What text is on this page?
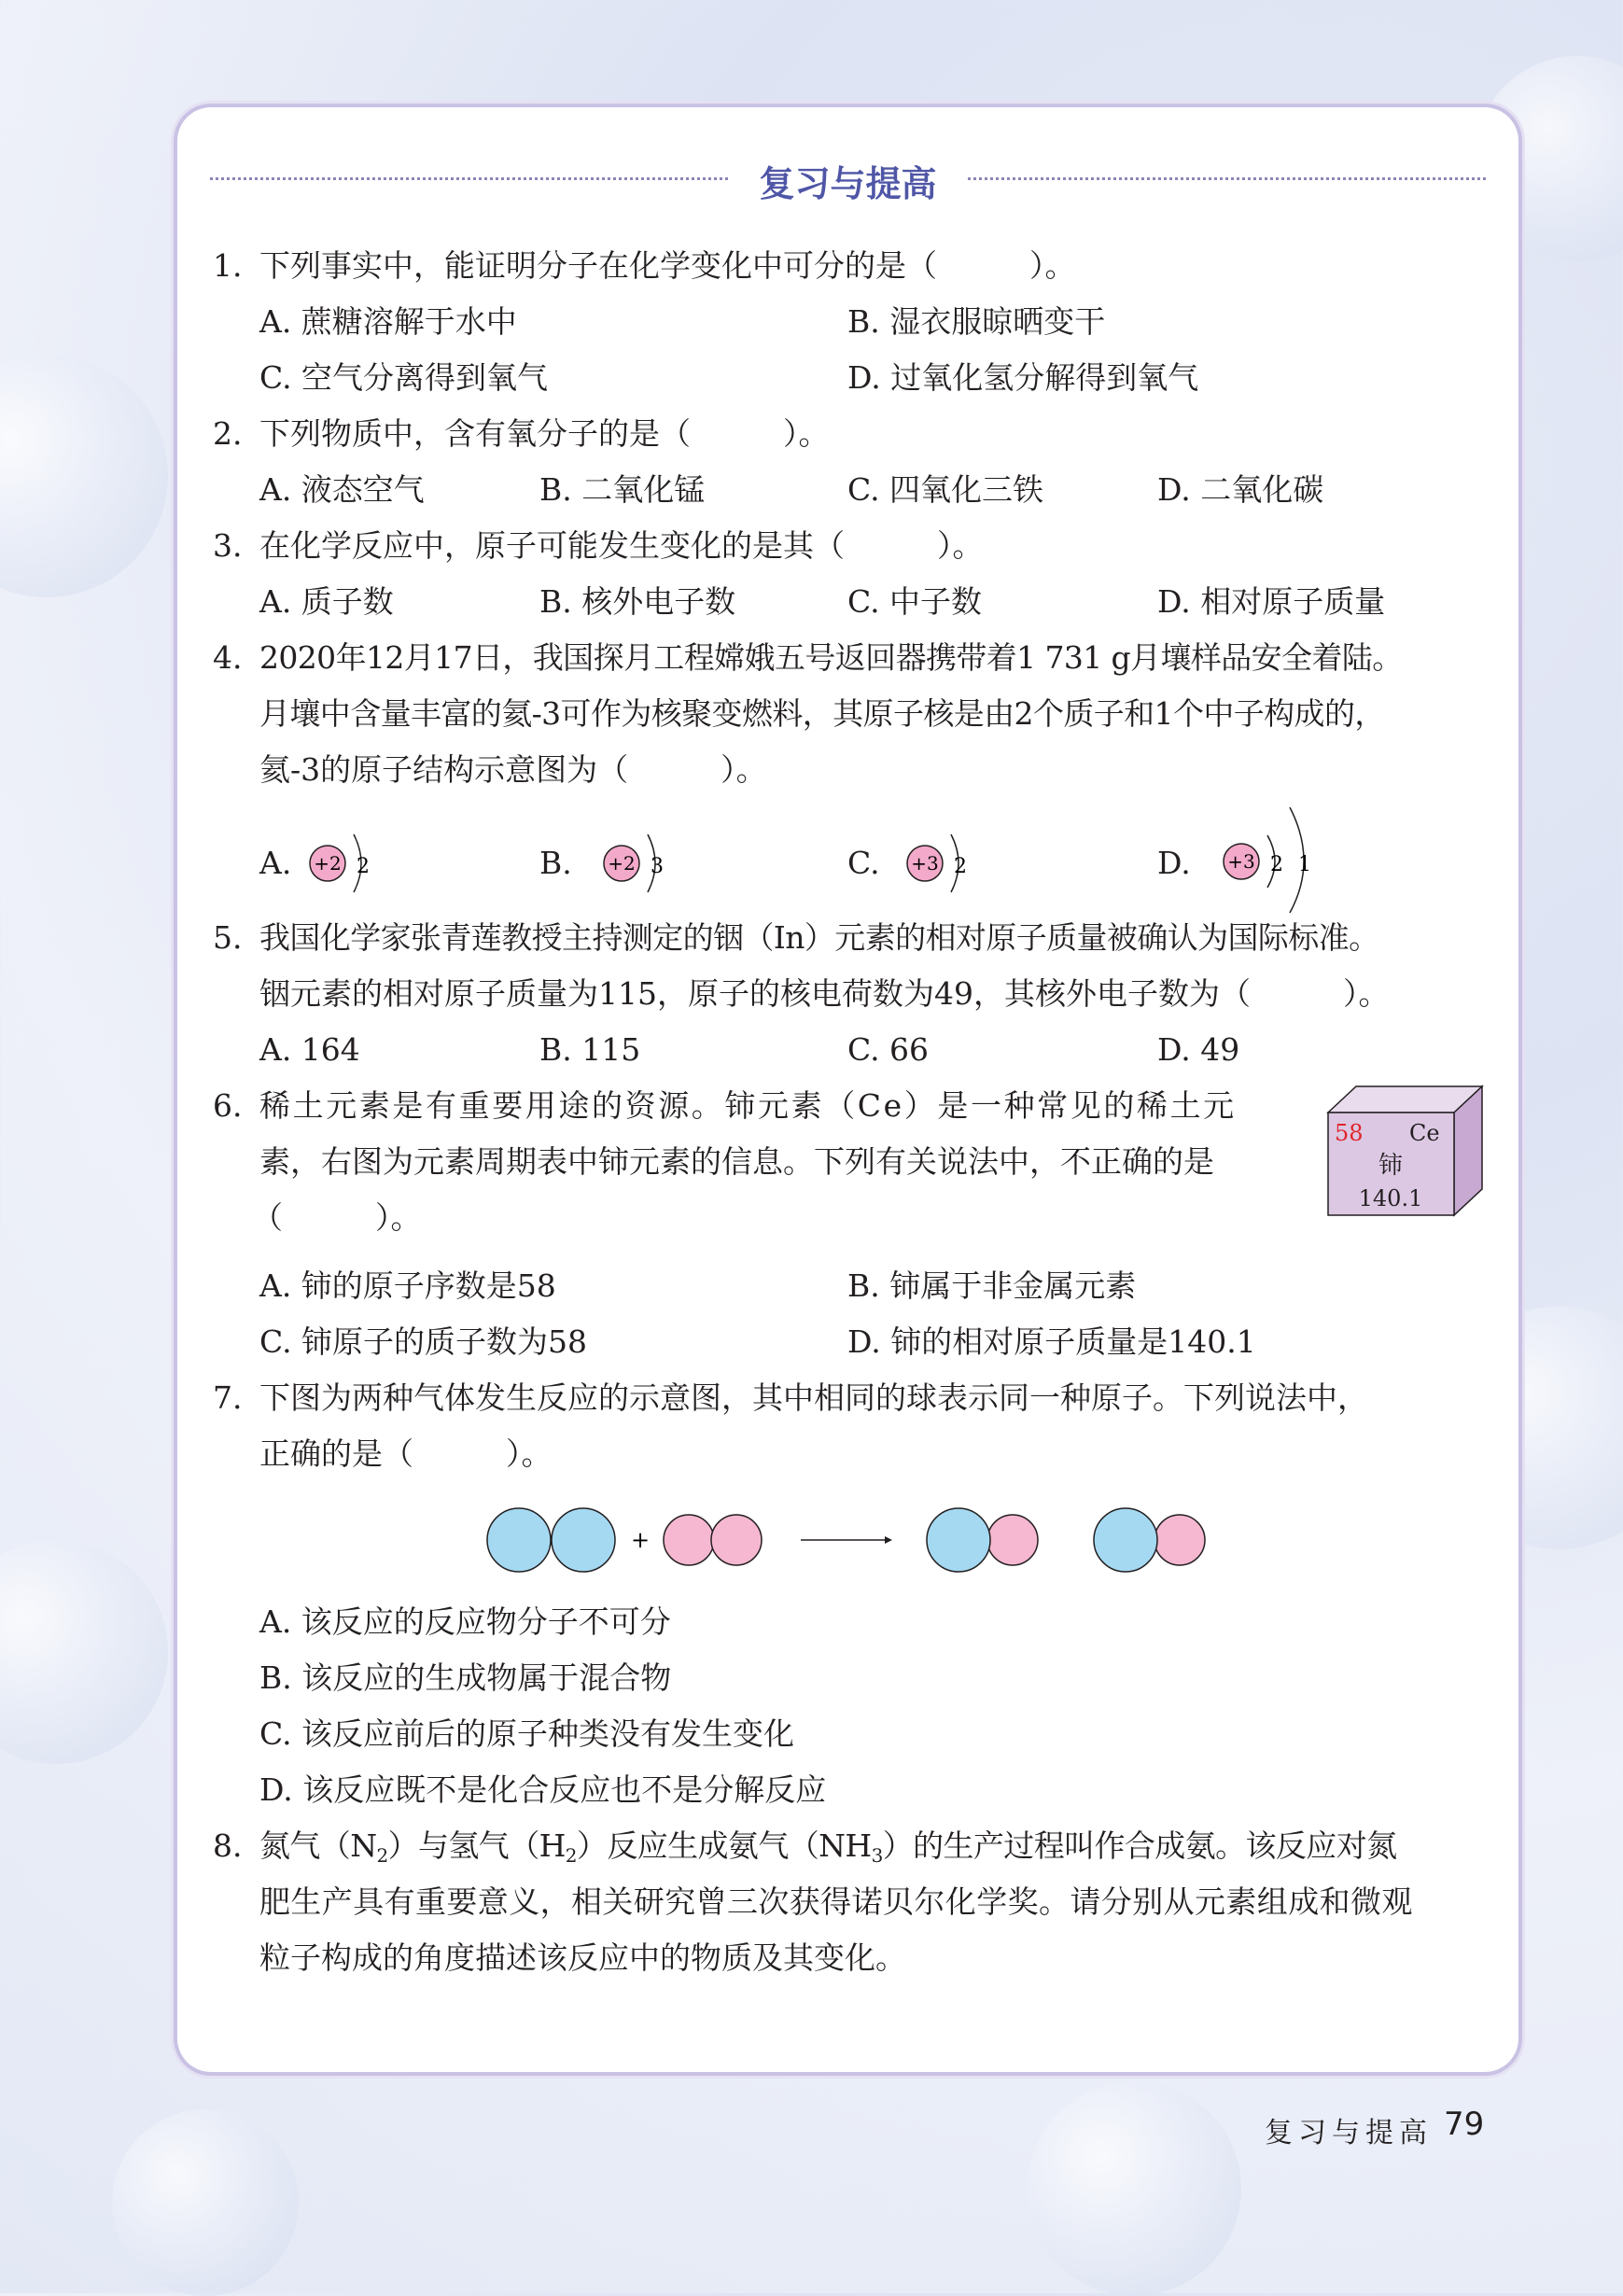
复习与提高
1. 下列事实中，能证明分子在化学变化中可分的是（　　　）。
A. 蔗糖溶解于水中	B. 湿衣服晾晒变干
C. 空气分离得到氧气	D. 过氧化氢分解得到氧气
2. 下列物质中，含有氧分子的是（　　　）。
A. 液态空气	B. 二氧化锰	C. 四氧化三铁	D. 二氧化碳
3. 在化学反应中，原子可能发生变化的是其（　　　）。
A. 质子数	B. 核外电子数	C. 中子数	D. 相对原子质量
4. 2020年12月17日，我国探月工程嫦娥五号返回器携带着1 731 g月壤样品安全着陆。
月壤中含量丰富的氦-3可作为核聚变燃料，其原子核是由2个质子和1个中子构成的，
氦-3的原子结构示意图为（　　　）。
A. +2 2	B. +2 3	C. +3 2	D. +3 2 1
5. 我国化学家张青莲教授主持测定的铟（In）元素的相对原子质量被确认为国际标准。
铟元素的相对原子质量为115，原子的核电荷数为49，其核外电子数为（　　　）。
A. 164	B. 115	C. 66	D. 49
6. 稀土元素是有重要用途的资源。铈元素（Ce）是一种常见的稀土元
素，右图为元素周期表中铈元素的信息。下列有关说法中，不正确的是
（　　　）。
58 Ce
铈
140.1
A. 铈的原子序数是58	B. 铈属于非金属元素
C. 铈原子的质子数为58	D. 铈的相对原子质量是140.1
7. 下图为两种气体发生反应的示意图，其中相同的球表示同一种原子。下列说法中，
正确的是（　　　）。
+
A. 该反应的反应物分子不可分
B. 该反应的生成物属于混合物
C. 该反应前后的原子种类没有发生变化
D. 该反应既不是化合反应也不是分解反应
8. 氮气$(N_2)$与氢气$(H_2)$反应生成氨气$(NH_3)$的生产过程叫作合成氨。该反应对氮
肥生产具有重要意义，相关研究曾三次获得诺贝尔化学奖。请分别从元素组成和微观
粒子构成的角度描述该反应中的物质及其变化。
复习与提高 79
